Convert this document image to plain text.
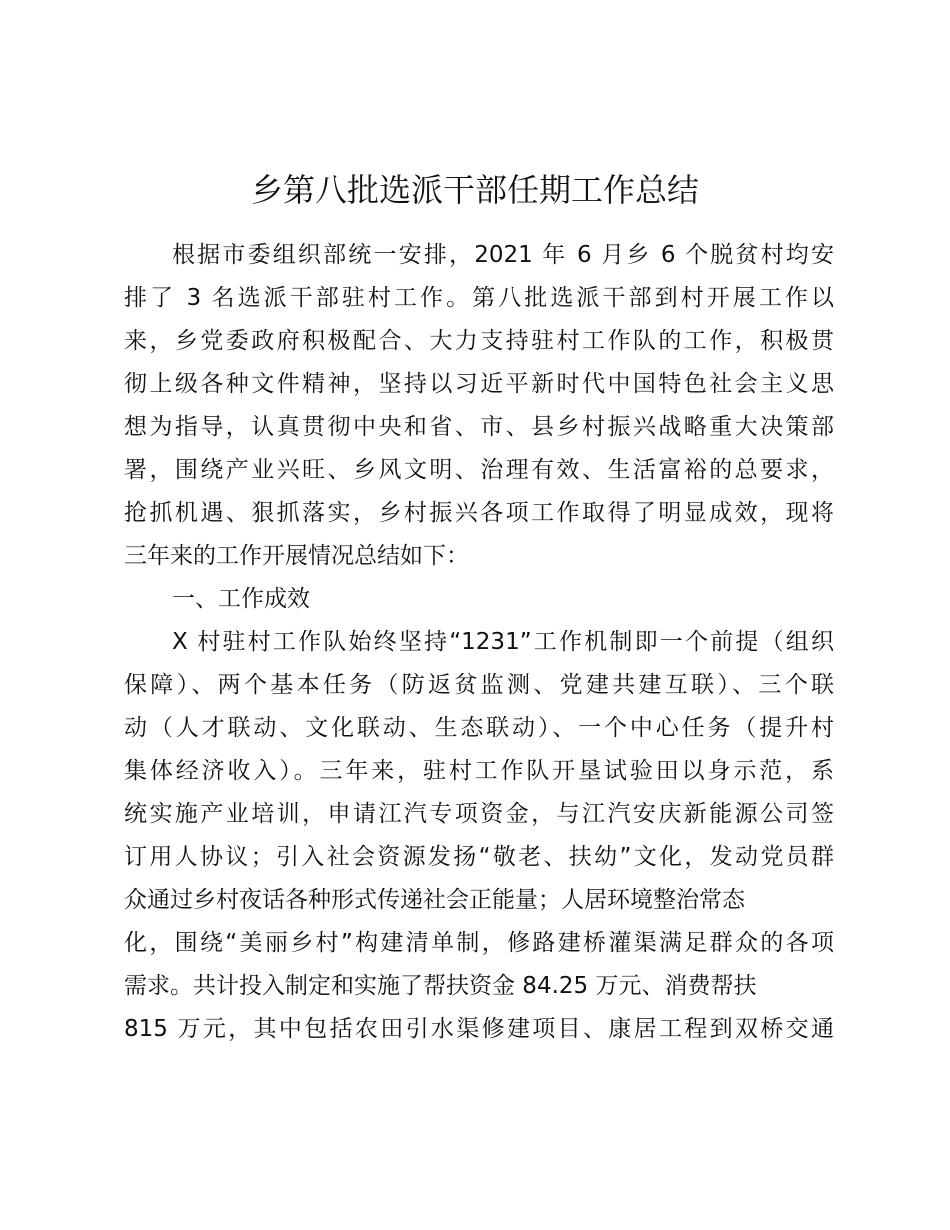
乡第八批选派干部任期工作总结

根据市委组织部统一安排，2021 年 6 月乡 6 个脱贫村均安

排了 3 名选派干部驻村工作。第八批选派干部到村开展工作以

来，乡党委政府积极配合、大力支持驻村工作队的工作，积极贯

彻上级各种文件精神，坚持以习近平新时代中国特色社会主义思

想为指导，认真贯彻中央和省、市、县乡村振兴战略重大决策部

署，围绕产业兴旺、乡风文明、治理有效、生活富裕的总要求，

抢抓机遇、狠抓落实，乡村振兴各项工作取得了明显成效，现将

三年来的工作开展情况总结如下：

一、工作成效

X 村驻村工作队始终坚持“1231”工作机制即一个前提（组织

保障）、两个基本任务（防返贫监测、党建共建互联）、三个联

动（人才联动、文化联动、生态联动）、一个中心任务（提升村

集体经济收入）。三年来，驻村工作队开垦试验田以身示范，系

统实施产业培训，申请江汽专项资金，与江汽安庆新能源公司签

订用人协议；引入社会资源发扬“敬老、扶幼”文化，发动党员群

众通过乡村夜话各种形式传递社会正能量；人居环境整治常态

化，围绕“美丽乡村”构建清单制，修路建桥灌渠满足群众的各项

需求。共计投入制定和实施了帮扶资金 84.25 万元、消费帮扶

815 万元，其中包括农田引水渠修建项目、康居工程到双桥交通
